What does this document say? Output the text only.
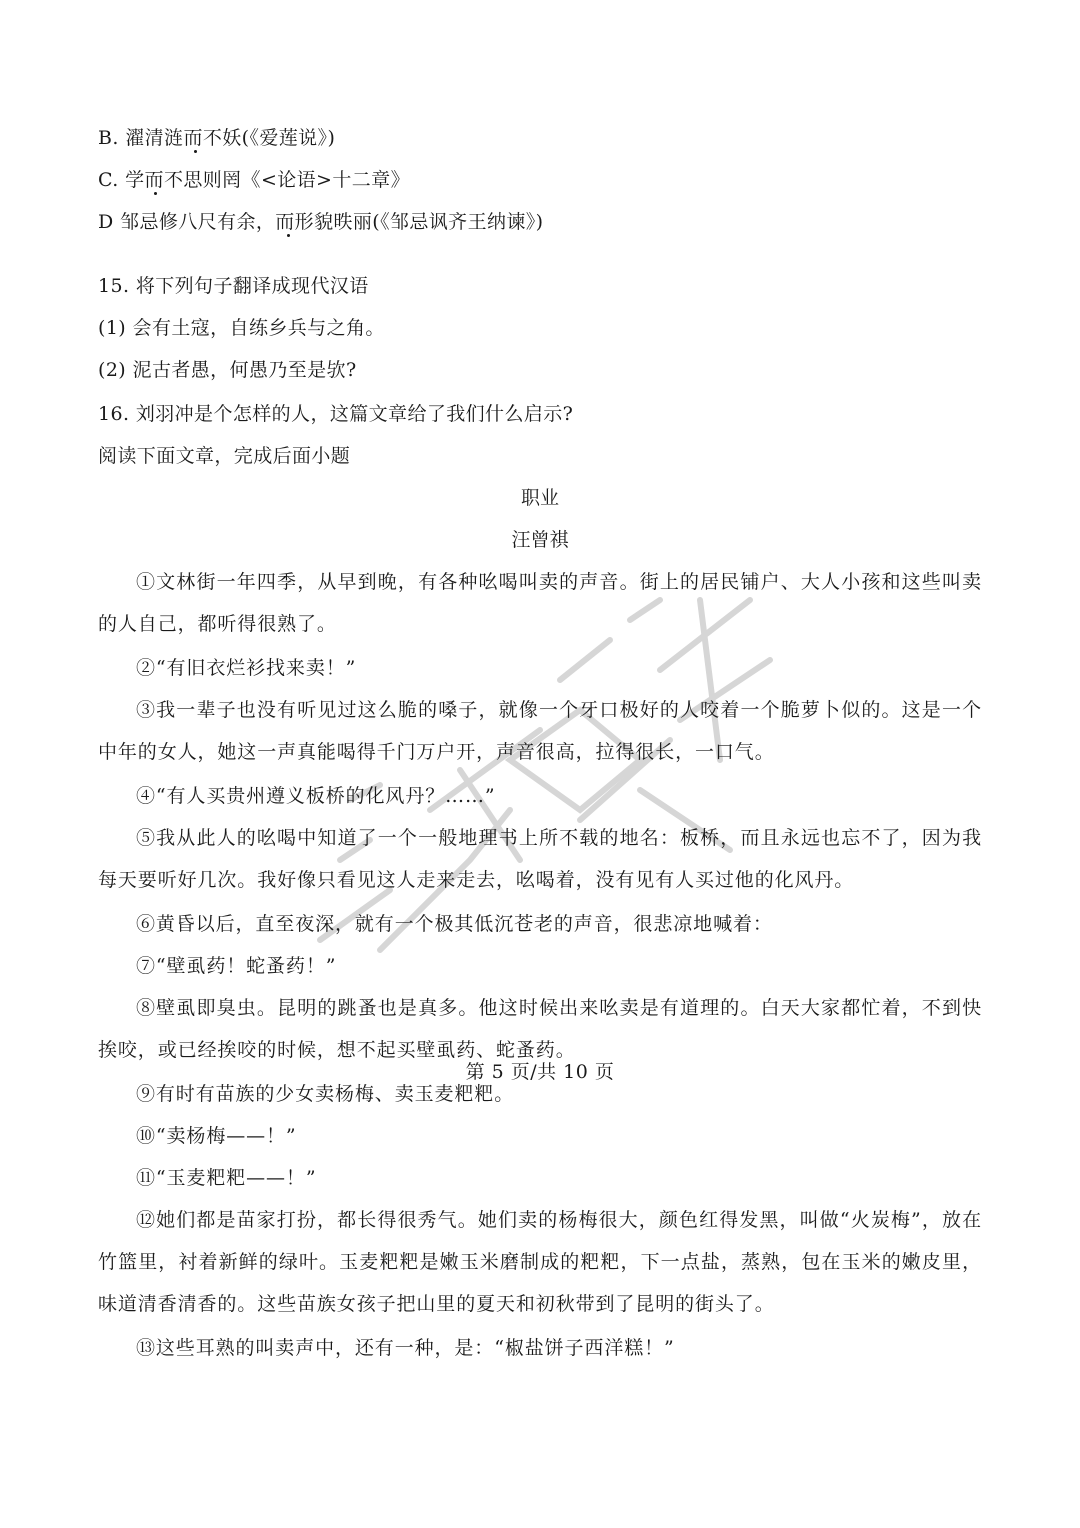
B. 濯清涟而不妖(《爱莲说》)
C. 学而不思则罔《<论语>十二章》
D 邹忌修八尺有余，而形貌昳丽(《邹忌讽齐王纳谏》)
15. 将下列句子翻译成现代汉语
(1) 会有土寇，自练乡兵与之角。
(2) 泥古者愚，何愚乃至是欤?
16. 刘羽冲是个怎样的人，这篇文章给了我们什么启示?
阅读下面文章，完成后面小题
职业
汪曾祺
①文林街一年四季，从早到晚，有各种吆喝叫卖的声音。街上的居民铺户、大人小孩和这些叫卖的人自己，都听得很熟了。
②“有旧衣烂衫找来卖！”
③我一辈子也没有听见过这么脆的嗓子，就像一个牙口极好的人咬着一个脆萝卜似的。这是一个中年的女人，她这一声真能喝得千门万户开，声音很高，拉得很长，一口气。
④“有人买贵州遵义板桥的化风丹？……”
⑤我从此人的吆喝中知道了一个一般地理书上所不载的地名：板桥，而且永远也忘不了，因为我每天要听好几次。我好像只看见这人走来走去，吆喝着，没有见有人买过他的化风丹。
⑥黄昏以后，直至夜深，就有一个极其低沉苍老的声音，很悲凉地喊着：
⑦“壁虱药！蛇蚤药！”
⑧壁虱即臭虫。昆明的跳蚤也是真多。他这时候出来吆卖是有道理的。白天大家都忙着，不到快挨咬，或已经挨咬的时候，想不起买壁虱药、蛇蚤药。
⑨有时有苗族的少女卖杨梅、卖玉麦粑粑。
⑩“卖杨梅——！”
⑪“玉麦粑粑——！”
⑫她们都是苗家打扮，都长得很秀气。她们卖的杨梅很大，颜色红得发黑，叫做“火炭梅”，放在竹篮里，衬着新鲜的绿叶。玉麦粑粑是嫩玉米磨制成的粑粑，下一点盐，蒸熟，包在玉米的嫩皮里，味道清香清香的。这些苗族女孩子把山里的夏天和初秋带到了昆明的街头了。
⑬这些耳熟的叫卖声中，还有一种，是：“椒盐饼子西洋糕！”
第 5 页/共 10 页
